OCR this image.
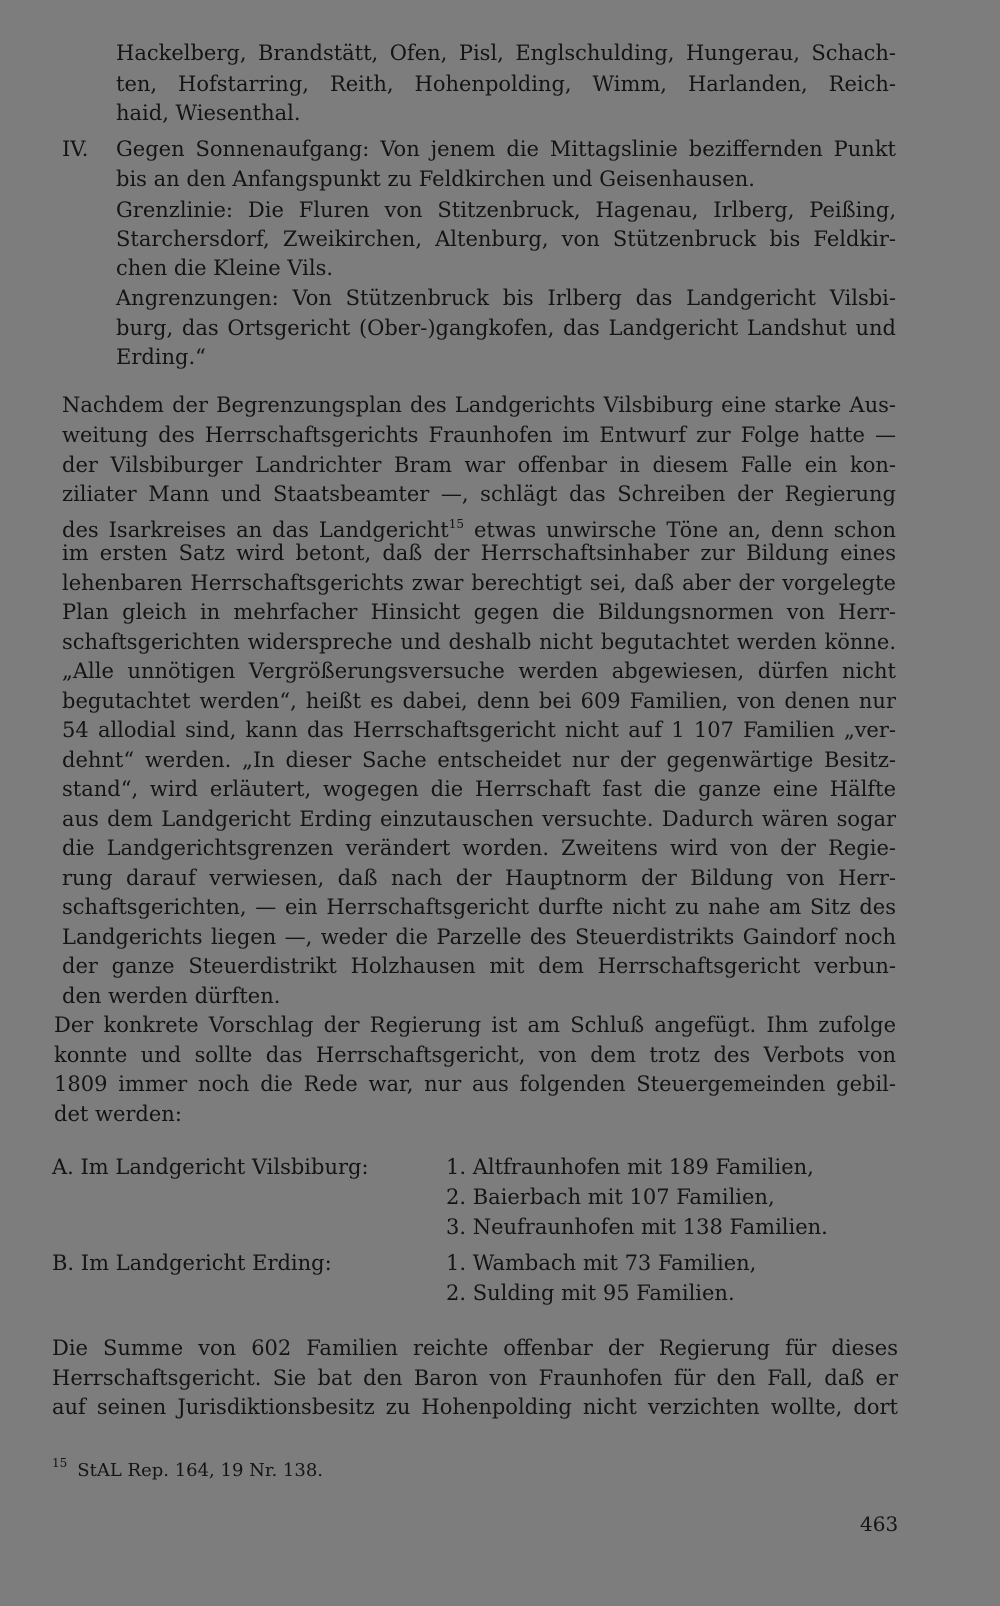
Hackelberg, Brandstätt, Ofen, Pisl, Englschulding, Hungerau, Schach-
ten, Hofstarring, Reith, Hohenpolding, Wimm, Harlanden, Reich-
haid, Wiesenthal.
IV. Gegen Sonnenaufgang: Von jenem die Mittagslinie beziffernden Punkt
bis an den Anfangspunkt zu Feldkirchen und Geisenhausen.
Grenzlinie: Die Fluren von Stitzenbruck, Hagenau, Irlberg, Peißing,
Starchersdorf, Zweikirchen, Altenburg, von Stützenbruck bis Feldkir-
chen die Kleine Vils.
Angrenzungen: Von Stützenbruck bis Irlberg das Landgericht Vilsbi-
burg, das Ortsgericht (Ober-)gangkofen, das Landgericht Landshut und
Erding.“
Nachdem der Begrenzungsplan des Landgerichts Vilsbiburg eine starke Aus-
weitung des Herrschaftsgerichts Fraunhofen im Entwurf zur Folge hatte —
der Vilsbiburger Landrichter Bram war offenbar in diesem Falle ein kon-
ziliater Mann und Staatsbeamter —, schlägt das Schreiben der Regierung
des Isarkreises an das Landgericht$^{15}$ etwas unwirsche Töne an, denn schon
im ersten Satz wird betont, daß der Herrschaftsinhaber zur Bildung eines
lehenbaren Herrschaftsgerichts zwar berechtigt sei, daß aber der vorgelegte
Plan gleich in mehrfacher Hinsicht gegen die Bildungsnormen von Herr-
schaftsgerichten widerspreche und deshalb nicht begutachtet werden könne.
„Alle unnötigen Vergrößerungsversuche werden abgewiesen, dürfen nicht
begutachtet werden“, heißt es dabei, denn bei 609 Familien, von denen nur
54 allodial sind, kann das Herrschaftsgericht nicht auf 1 107 Familien „ver-
dehnt“ werden. „In dieser Sache entscheidet nur der gegenwärtige Besitz-
stand“, wird erläutert, wogegen die Herrschaft fast die ganze eine Hälfte
aus dem Landgericht Erding einzutauschen versuchte. Dadurch wären sogar
die Landgerichtsgrenzen verändert worden. Zweitens wird von der Regie-
rung darauf verwiesen, daß nach der Hauptnorm der Bildung von Herr-
schaftsgerichten, — ein Herrschaftsgericht durfte nicht zu nahe am Sitz des
Landgerichts liegen —, weder die Parzelle des Steuerdistrikts Gaindorf noch
der ganze Steuerdistrikt Holzhausen mit dem Herrschaftsgericht verbun-
den werden dürften.
Der konkrete Vorschlag der Regierung ist am Schluß angefügt. Ihm zufolge
konnte und sollte das Herrschaftsgericht, von dem trotz des Verbots von
1809 immer noch die Rede war, nur aus folgenden Steuergemeinden gebil-
det werden:
A. Im Landgericht Vilsbiburg:	1. Altfraunhofen mit 189 Familien,
2. Baierbach mit 107 Familien,
3. Neufraunhofen mit 138 Familien.
B. Im Landgericht Erding:	1. Wambach mit 73 Familien,
2. Sulding mit 95 Familien.
Die Summe von 602 Familien reichte offenbar der Regierung für dieses
Herrschaftsgericht. Sie bat den Baron von Fraunhofen für den Fall, daß er
auf seinen Jurisdiktionsbesitz zu Hohenpolding nicht verzichten wollte, dort
$^{15}$ StAL Rep. 164, 19 Nr. 138.
463
